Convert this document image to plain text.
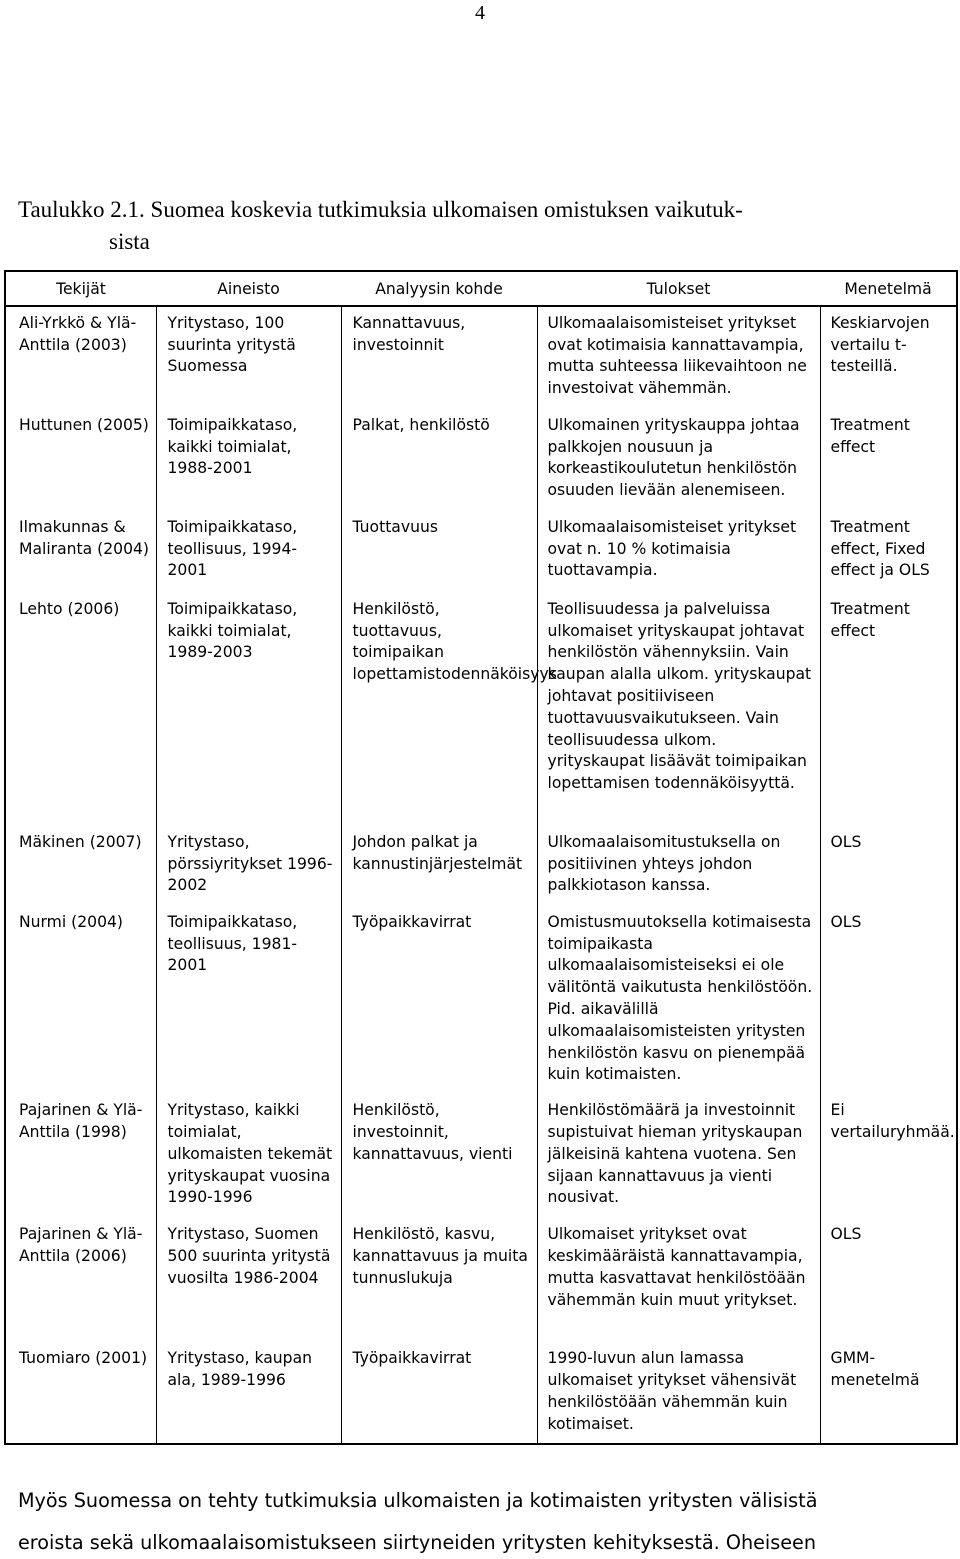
4
Taulukko 2.1. Suomea koskevia tutkimuksia ulkomaisen omistuksen vaikutuk-
sista
Tekijät	Aineisto	Analyysin kohde	Tulokset	Menetelmä
Ali-Yrkkö & Ylä-Anttila (2003)	Yritystaso, 100 suurinta yritystä Suomessa	Kannattavuus, investoinnit	Ulkomaalaisomisteiset yritykset ovat kotimaisia kannattavampia, mutta suhteessa liikevaihtoon ne investoivat vähemmän.	Keskiarvojen vertailu t-testeillä.
Huttunen (2005)	Toimipaikkataso, kaikki toimialat, 1988-2001	Palkat, henkilöstö	Ulkomainen yrityskauppa johtaa palkkojen nousuun ja korkeastikoulutetun henkilöstön osuuden lievään alenemiseen.	Treatment effect
Ilmakunnas & Maliranta (2004)	Toimipaikkataso, teollisuus, 1994-2001	Tuottavuus	Ulkomaalaisomisteiset yritykset ovat n. 10 % kotimaisia tuottavampia.	Treatment effect, Fixed effect ja OLS
Lehto (2006)	Toimipaikkataso, kaikki toimialat, 1989-2003	Henkilöstö, tuottavuus, toimipaikan lopettamistodennäköisyys	Teollisuudessa ja palveluissa ulkomaiset yrityskaupat johtavat henkilöstön vähennyksiin. Vain kaupan alalla ulkom. yrityskaupat johtavat positiiviseen tuottavuusvaikutukseen. Vain teollisuudessa ulkom. yrityskaupat lisäävät toimipaikan lopettamisen todennäköisyyttä.	Treatment effect
Mäkinen (2007)	Yritystaso, pörssiyritykset 1996-2002	Johdon palkat ja kannustinjärjestelmät	Ulkomaalaisomitustuksella on positiivinen yhteys johdon palkkiotason kanssa.	OLS
Nurmi (2004)	Toimipaikkataso, teollisuus, 1981-2001	Työpaikkavirrat	Omistusmuutoksella kotimaisesta toimipaikasta ulkomaalaisomisteiseksi ei ole välitöntä vaikutusta henkilöstöön. Pid. aikavälillä ulkomaalaisomisteisten yritysten henkilöstön kasvu on pienempää kuin kotimaisten.	OLS
Pajarinen & Ylä-Anttila (1998)	Yritystaso, kaikki toimialat, ulkomaisten tekemät yrityskaupat vuosina 1990-1996	Henkilöstö, investoinnit, kannattavuus, vienti	Henkilöstömäärä ja investoinnit supistuivat hieman yrityskaupan jälkeisinä kahtena vuotena. Sen sijaan kannattavuus ja vienti nousivat.	Ei vertailuryhmää.
Pajarinen & Ylä-Anttila (2006)	Yritystaso, Suomen 500 suurinta yritystä vuosilta 1986-2004	Henkilöstö, kasvu, kannattavuus ja muita tunnuslukuja	Ulkomaiset yritykset ovat keskimääräistä kannattavampia, mutta kasvattavat henkilöstöään vähemmän kuin muut yritykset.	OLS
Tuomiaro (2001)	Yritystaso, kaupan ala, 1989-1996	Työpaikkavirrat	1990-luvun alun lamassa ulkomaiset yritykset vähensivät henkilöstöään vähemmän kuin kotimaiset.	GMM-menetelmä
Myös Suomessa on tehty tutkimuksia ulkomaisten ja kotimaisten yritysten välisistä
eroista sekä ulkomaalaisomistukseen siirtyneiden yritysten kehityksestä. Oheiseen
